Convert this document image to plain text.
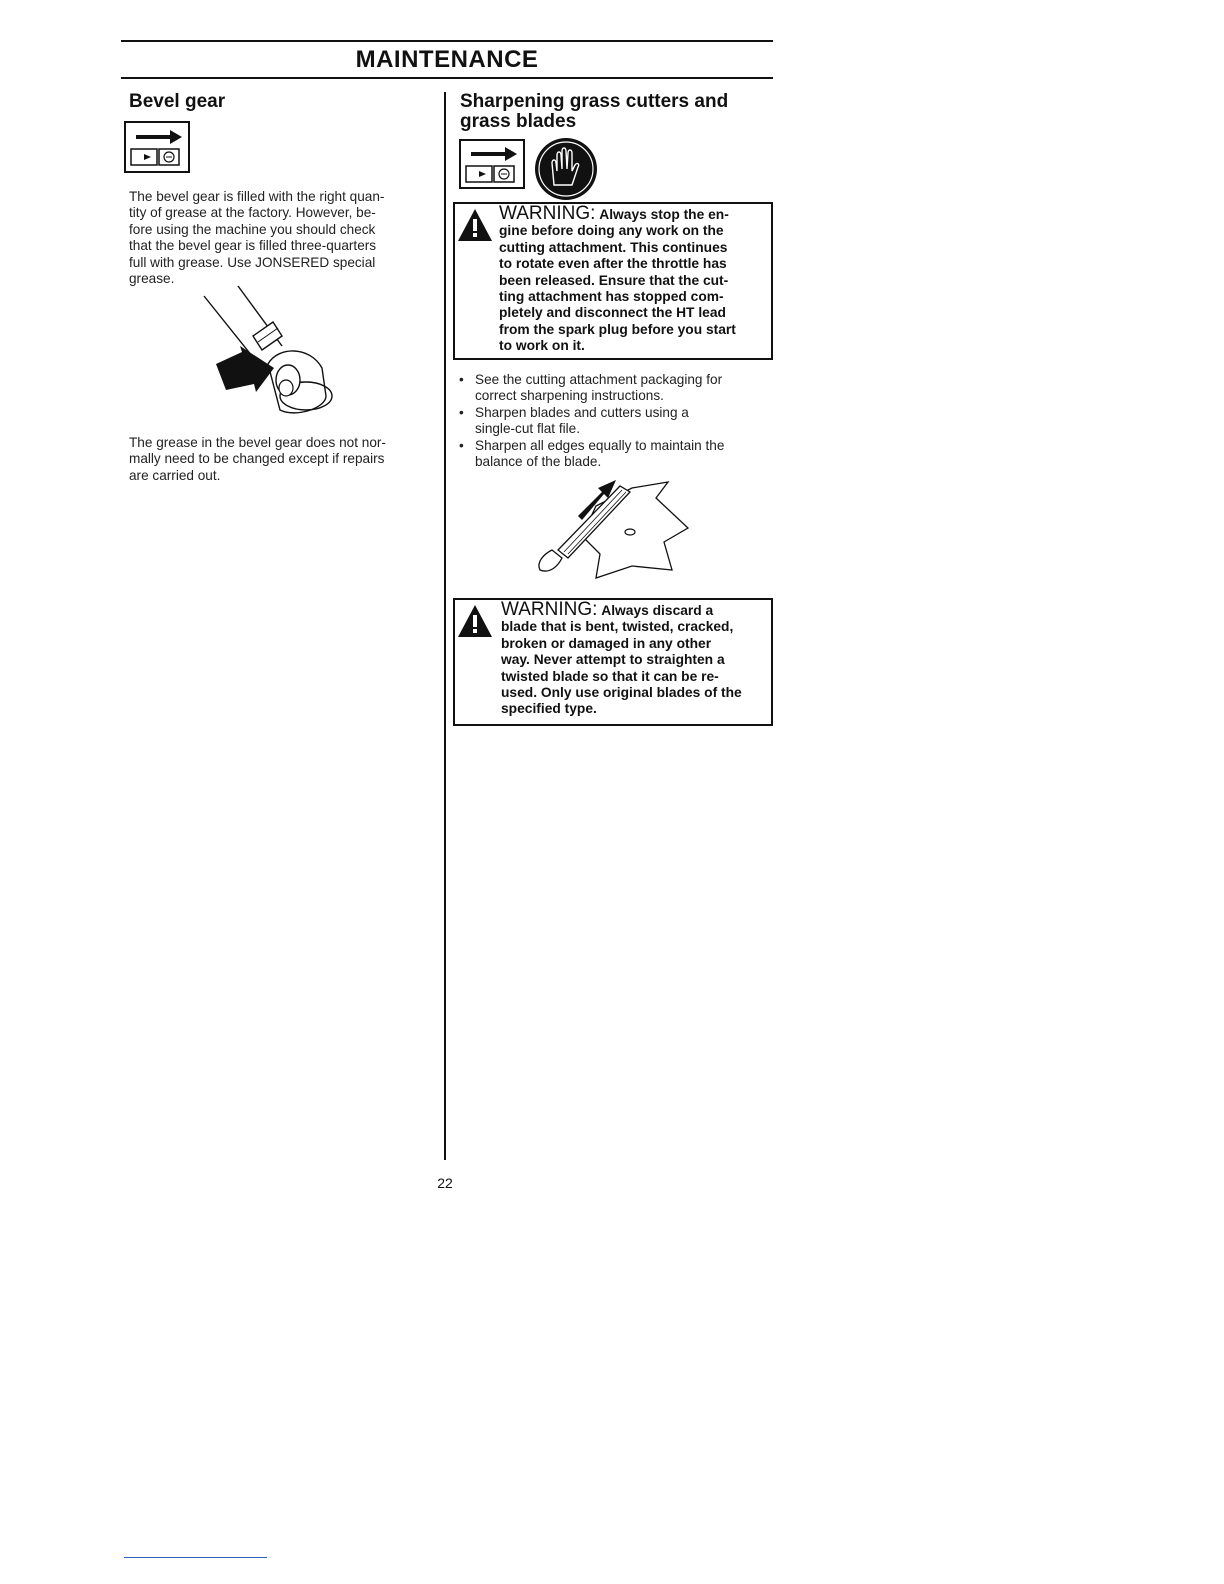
MAINTENANCE
Bevel gear

The bevel gear is filled with the right quan-

tity of grease at the factory. However, be-

fore using the machine you should check

that the bevel gear is filled three-quarters

full with grease. Use JONSERED special

grease.

The grease in the bevel gear does not nor-

mally need to be changed except if repairs

are carried out.

Sharpening grass cutters and
grass blades
WARNING: Always stop the en-
gine before doing any work on the
cutting attachment. This continues
to rotate even after the throttle has
been released. Ensure that the cut-
ting attachment has stopped com-
pletely and disconnect the HT lead
from the spark plug before you start
to work on it.
• See the cutting attachment packaging for
correct sharpening instructions.
• Sharpen blades and cutters using a
single-cut flat file.
• Sharpen all edges equally to maintain the
balance of the blade.
WARNING: Always discard a
blade that is bent, twisted, cracked,
broken or damaged in any other
way. Never attempt to straighten a
twisted blade so that it can be re-
used. Only use original blades of the
specified type.
22
